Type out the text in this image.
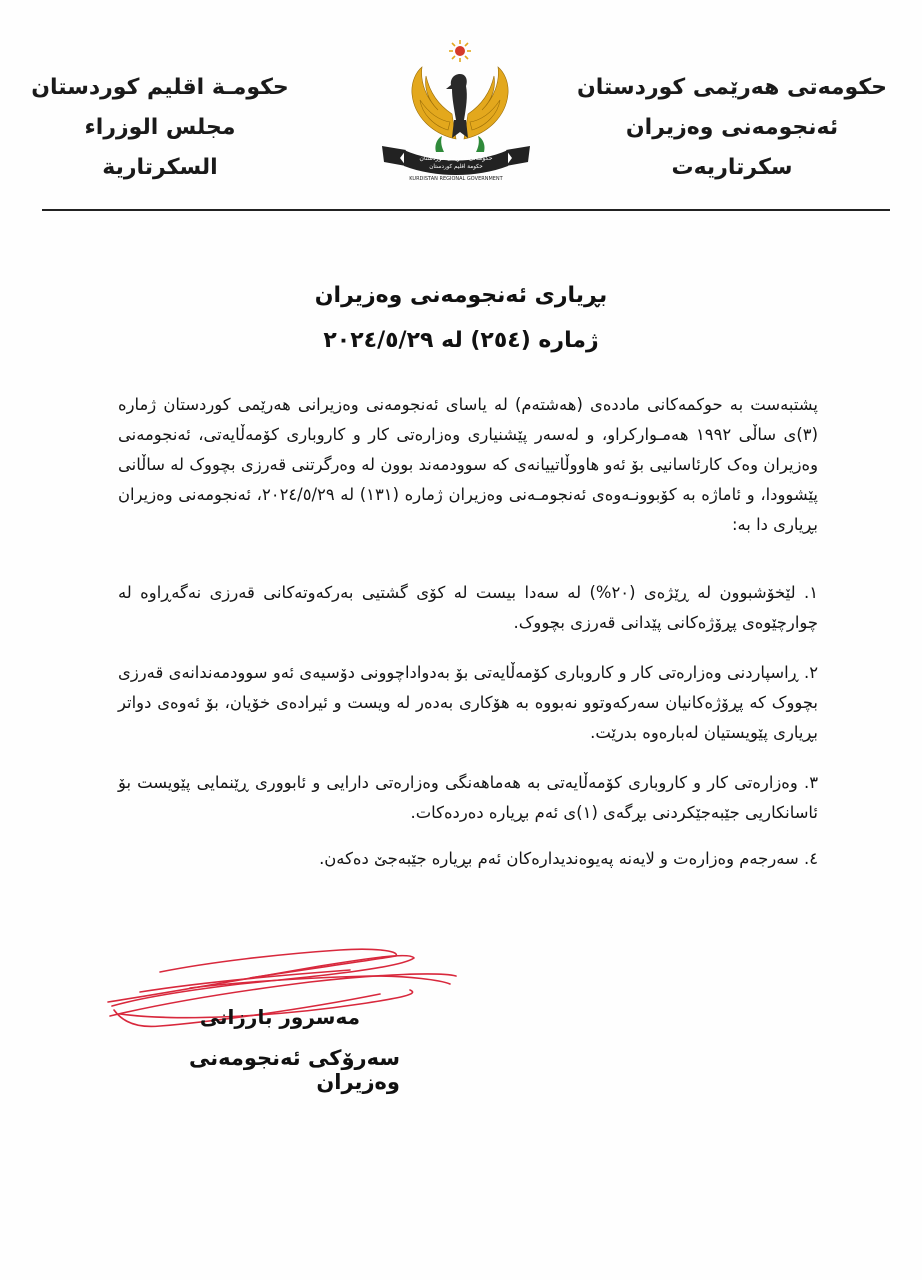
حکومەتی هەرێمی کوردستان
ئەنجومەنی وەزیران
سکرتاریەت
حکومەتی هەرێمی کوردستان
حكومة اقليم كوردستان
KURDISTAN REGIONAL GOVERNMENT
حكومـة اقليم كوردستان
مجلس الوزراء
السكرتارية
بڕیاری ئەنجومەنی وەزیران
ژمارە (٢٥٤) لە ٢٠٢٤/٥/٢٩

پشتبەست بە حوکمەکانی ماددەی (هەشتەم) لە یاسای ئەنجومەنی وەزیرانی هەرێمی کوردستان ژمارە (٣)ی ساڵی ١٩٩٢ هەمـوارکراو، و لەسەر پێشنیاری وەزارەتی کار و کاروباری کۆمەڵایەتی، ئەنجومەنی وەزیران وەک کارئاسانیی بۆ ئەو هاووڵاتییانەی کە سوودمەند بوون لە وەرگرتنی قەرزی بچووک لە ساڵانی پێشوودا، و ئاماژە بە کۆبوونـەوەی ئەنجومـەنی وەزیران ژمارە (١٣١) لە ٢٠٢٤/٥/٢٩، ئەنجومەنی وەزیران بڕیاری دا بە:

١. لێخۆشبوون لە ڕێژەی (٢٠%) لە سەدا بیست لە کۆی گشتیی بەرکەوتەکانی قەرزی نەگەڕاوە لە چوارچێوەی پڕۆژەکانی پێدانی قەرزی بچووک.

٢. ڕاسپاردنی وەزارەتی کار و کاروباری کۆمەڵایەتی بۆ بەدواداچوونی دۆسیەی ئەو سوودمەندانەی قەرزی بچووک کە پڕۆژەکانیان سەرکەوتوو نەبووە بە هۆکاری بەدەر لە ویست و ئیرادەی خۆیان، بۆ ئەوەی دواتر بڕیاری پێویستیان لەبارەوە بدرێت.

٣. وەزارەتی کار و کاروباری کۆمەڵایەتی بە هەماهەنگی وەزارەتی دارایی و ئابووری ڕێنمایی پێویست بۆ ئاسانکاریی جێبەجێکردنی بڕگەی (١)ی ئەم بڕیارە دەردەکات.

٤. سەرجەم وەزارەت و لایەنە پەیوەندیدارەکان ئەم بڕیارە جێبەجێ دەکەن.

مەسرور بارزانی
سەرۆکی ئەنجومەنی وەزیران
